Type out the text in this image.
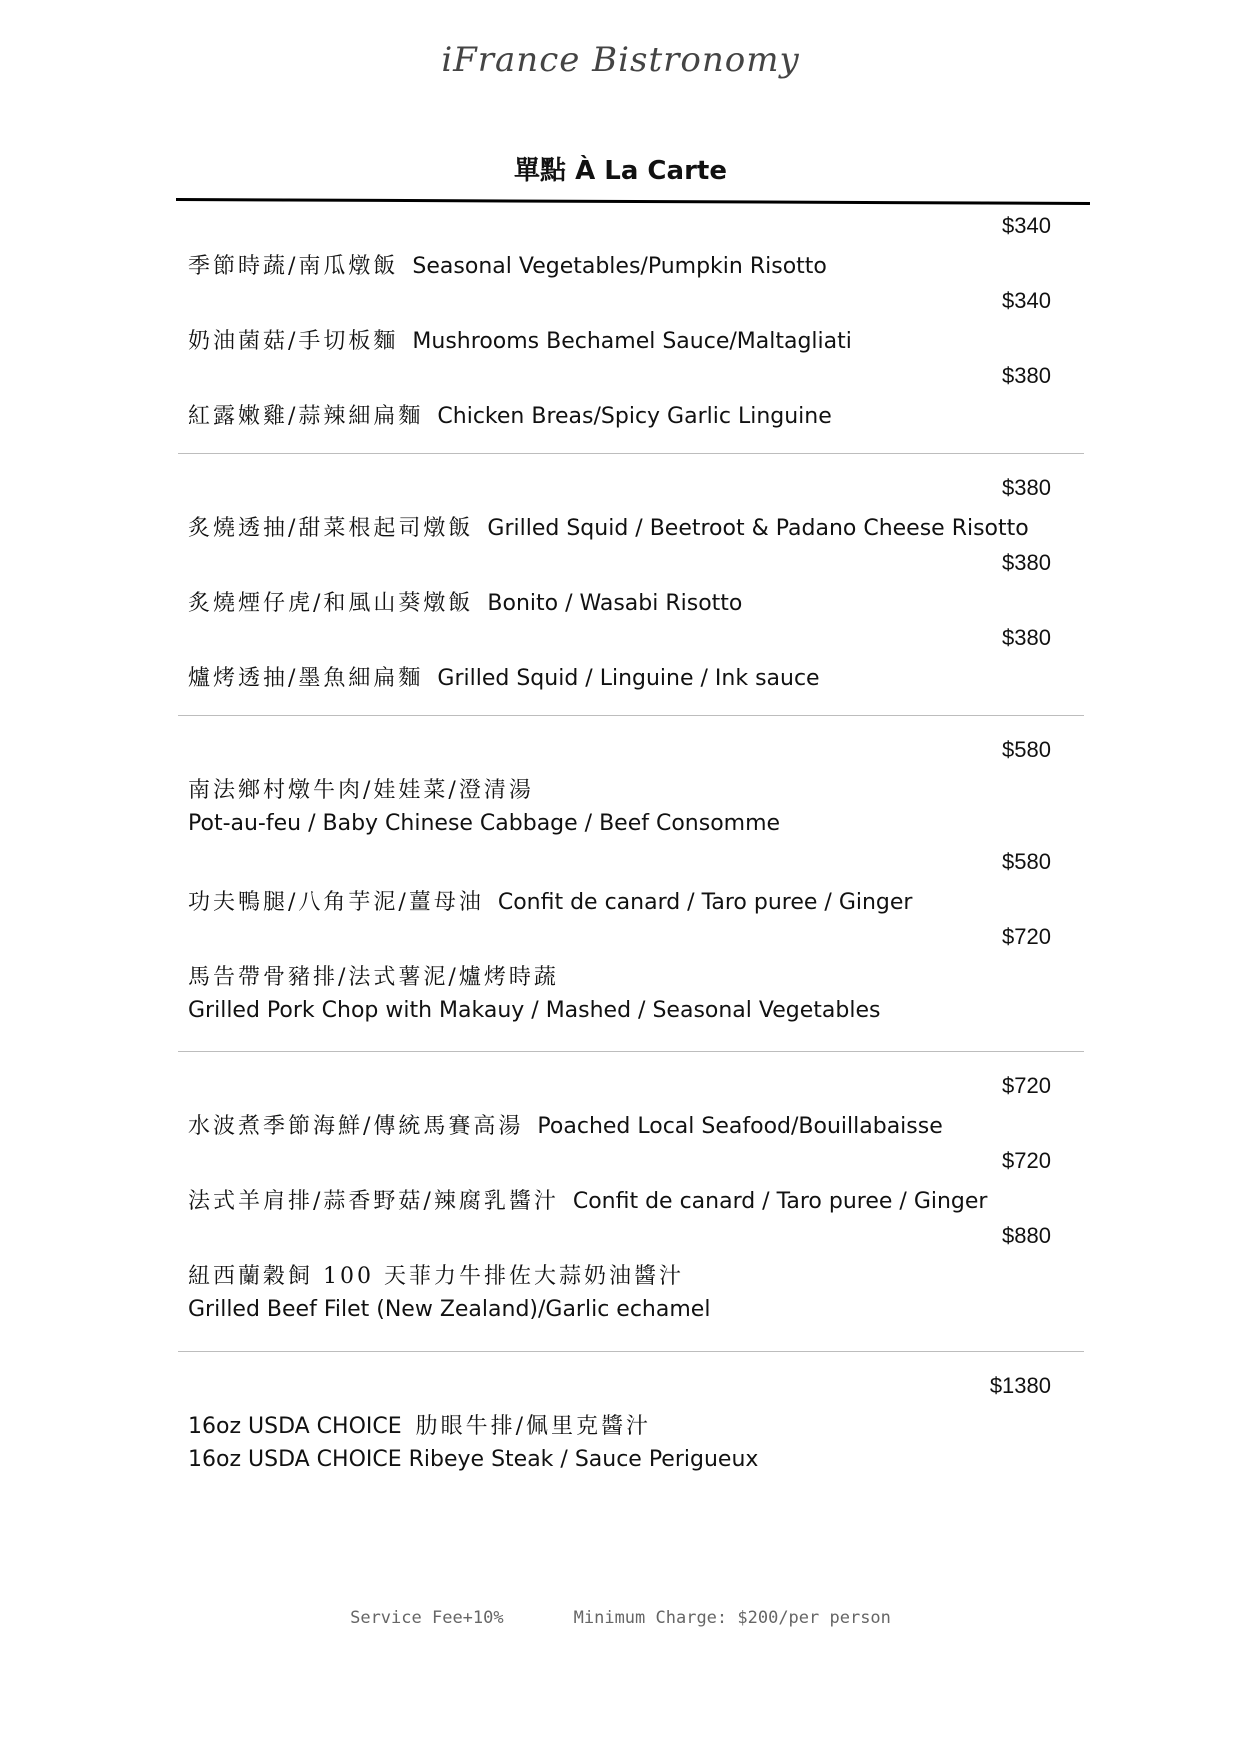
iFrance Bistronomy
單點 À La Carte
$340
季節時蔬/南瓜燉飯 Seasonal Vegetables/Pumpkin Risotto
$340
奶油菌菇/手切板麵 Mushrooms Bechamel Sauce/Maltagliati
$380
紅露嫩雞/蒜辣細扁麵 Chicken Breas/Spicy Garlic Linguine
$380
炙燒透抽/甜菜根起司燉飯 Grilled Squid / Beetroot & Padano Cheese Risotto
$380
炙燒煙仔虎/和風山葵燉飯 Bonito / Wasabi Risotto
$380
爐烤透抽/墨魚細扁麵 Grilled Squid / Linguine / Ink sauce
$580
南法鄉村燉牛肉/娃娃菜/澄清湯
Pot-au-feu / Baby Chinese Cabbage / Beef Consomme
$580
功夫鴨腿/八角芋泥/薑母油 Confit de canard / Taro puree / Ginger
$720
馬告帶骨豬排/法式薯泥/爐烤時蔬
Grilled Pork Chop with Makauy / Mashed / Seasonal Vegetables
$720
水波煮季節海鮮/傳統馬賽高湯 Poached Local Seafood/Bouillabaisse
$720
法式羊肩排/蒜香野菇/辣腐乳醬汁 Confit de canard / Taro puree / Ginger
$880
紐西蘭穀飼 100 天菲力牛排佐大蒜奶油醬汁
Grilled Beef Filet (New Zealand)/Garlic echamel
$1380
16oz USDA CHOICE 肋眼牛排/佩里克醬汁
16oz USDA CHOICE Ribeye Steak / Sauce Perigueux
Service Fee+10%	Minimum Charge: $200/per person
